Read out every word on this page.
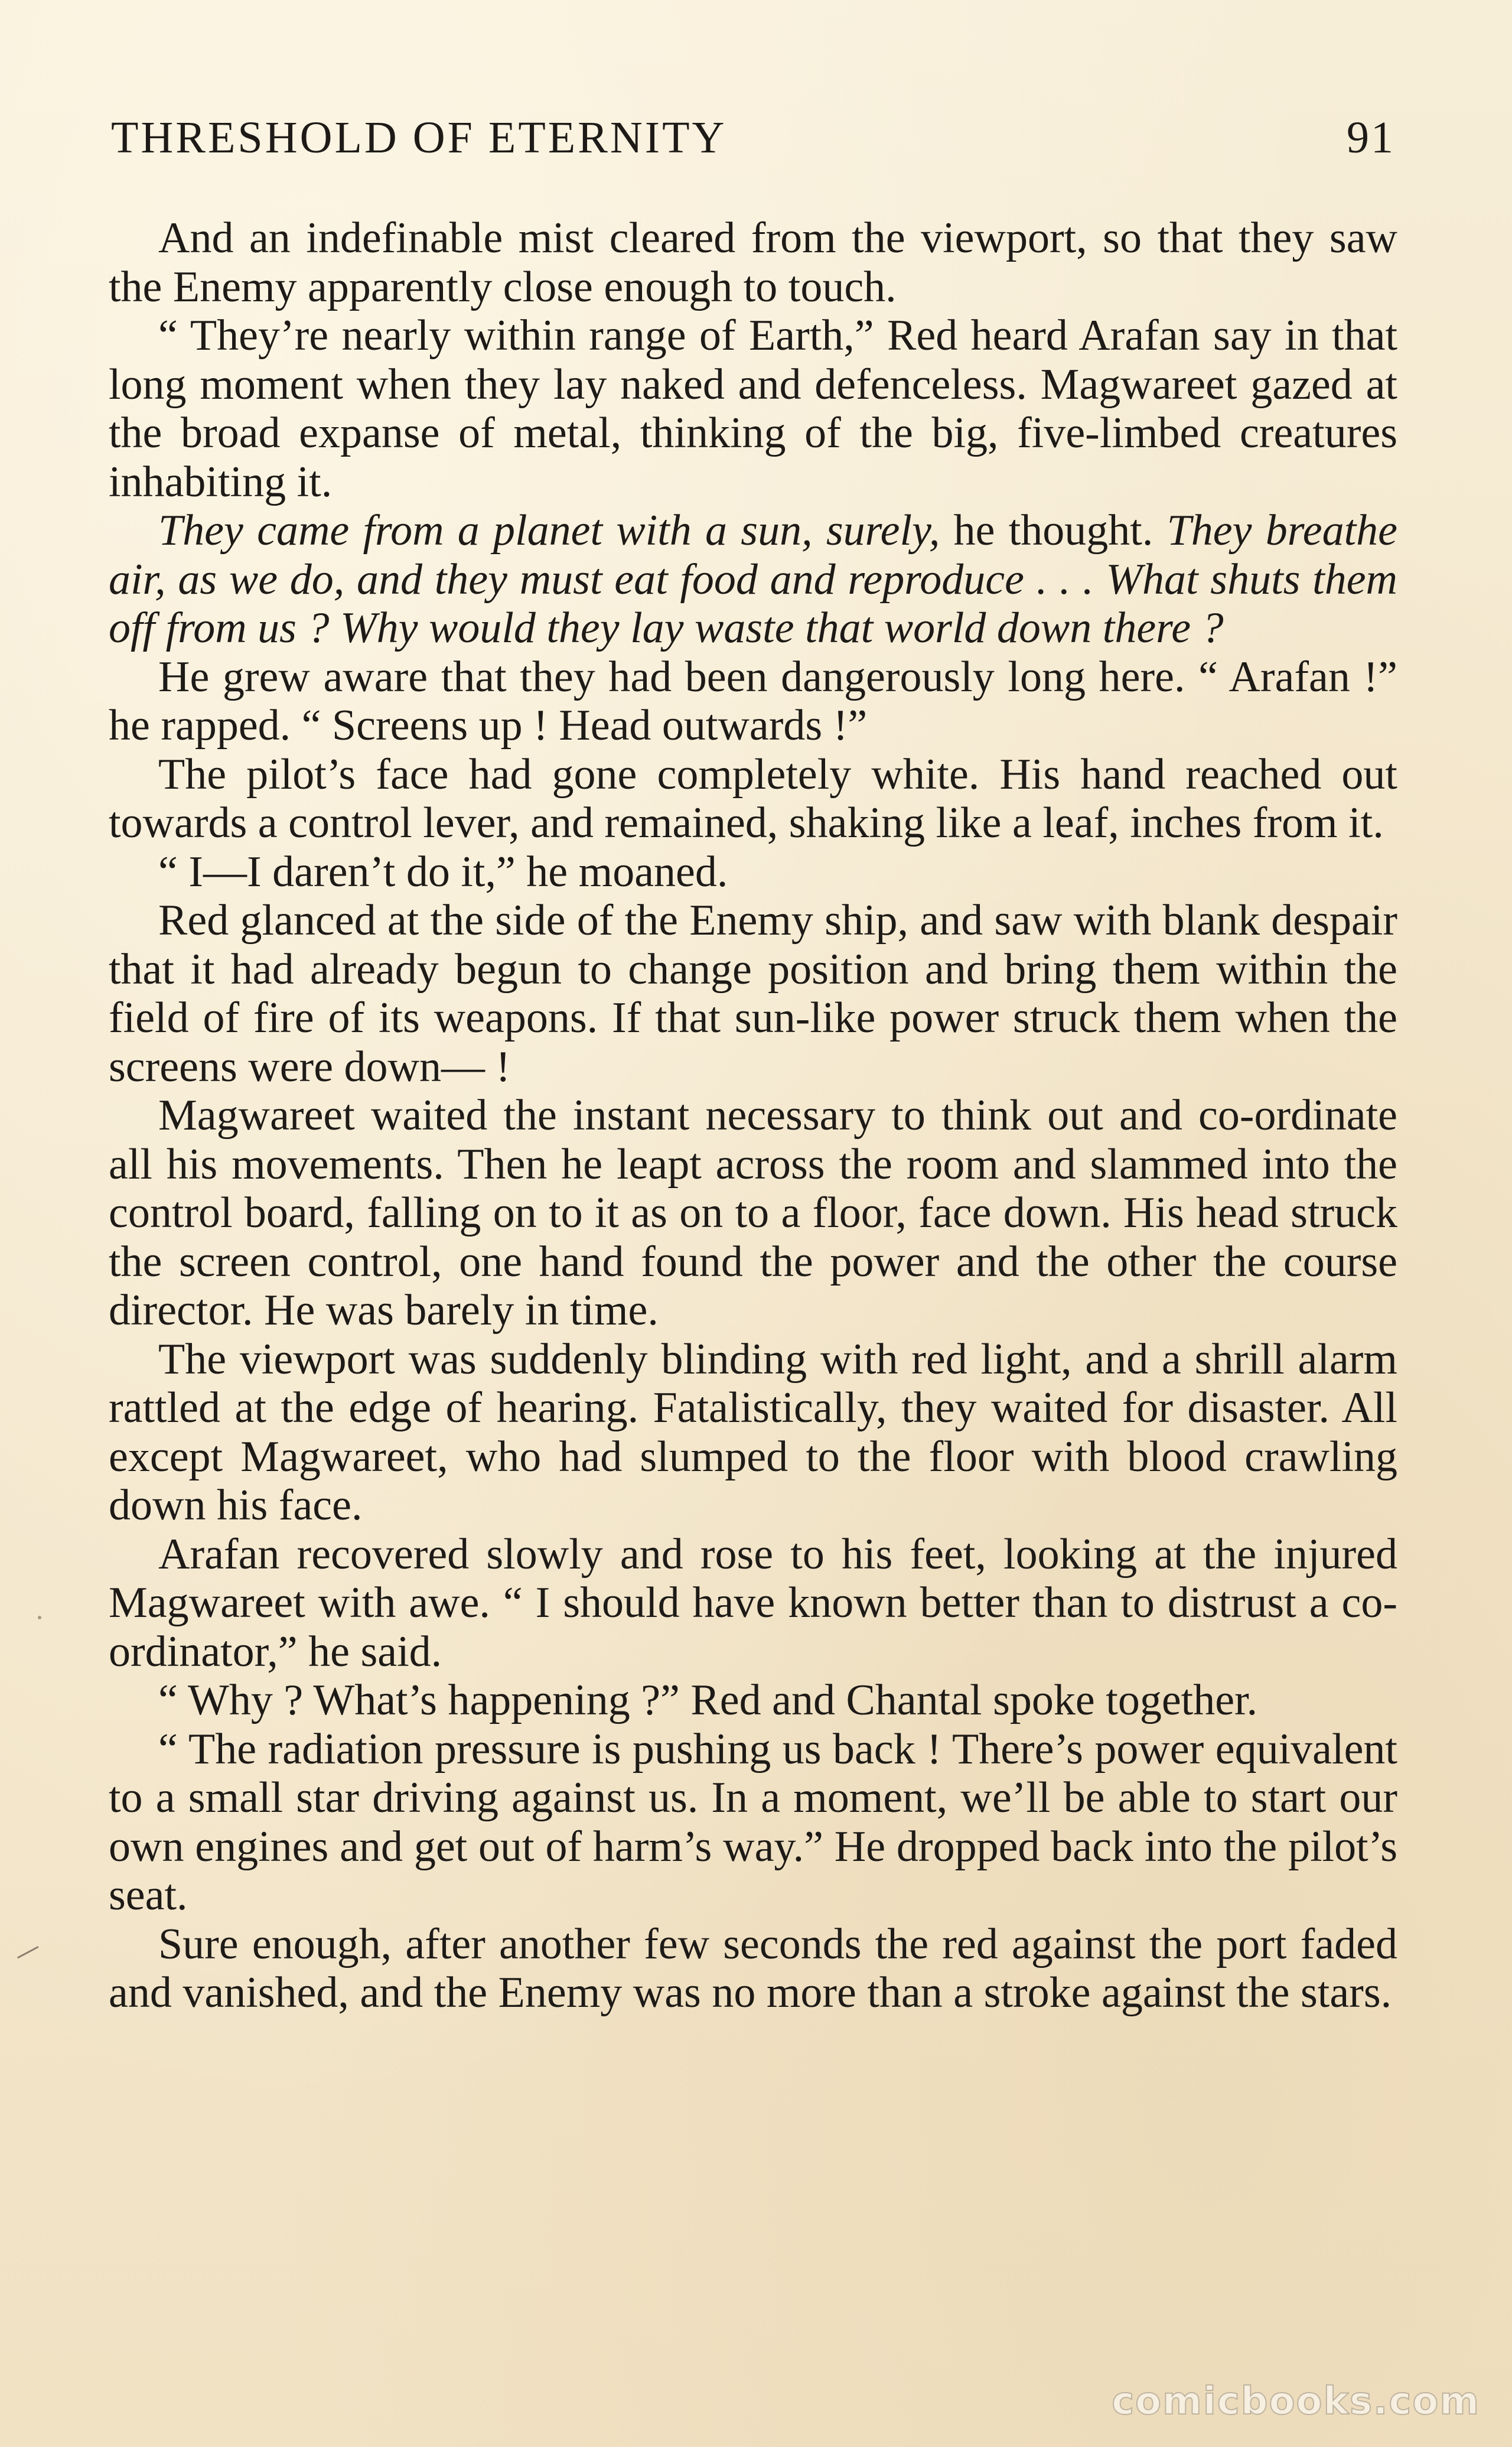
THRESHOLD OF ETERNITY	91

And an indefinable mist cleared from the viewport, so that they saw the Enemy apparently close enough to touch.

“ They’re nearly within range of Earth,” Red heard Arafan say in that long moment when they lay naked and defenceless. Magwareet gazed at the broad expanse of metal, thinking of the big, five-limbed creatures inhabiting it.

They came from a planet with a sun, surely, he thought. They breathe air, as we do, and they must eat food and reproduce . . . What shuts them off from us ? Why would they lay waste that world down there ?

He grew aware that they had been dangerously long here. “ Arafan !” he rapped. “ Screens up ! Head outwards !”

The pilot’s face had gone completely white. His hand reached out towards a control lever, and remained, shaking like a leaf, inches from it.

“ I—I daren’t do it,” he moaned.

Red glanced at the side of the Enemy ship, and saw with blank despair that it had already begun to change position and bring them within the field of fire of its weapons. If that sun-like power struck them when the screens were down— !

Magwareet waited the instant necessary to think out and co-ordinate all his movements. Then he leapt across the room and slammed into the control board, falling on to it as on to a floor, face down. His head struck the screen control, one hand found the power and the other the course director. He was barely in time.

The viewport was suddenly blinding with red light, and a shrill alarm rattled at the edge of hearing. Fatalistically, they waited for disaster. All except Magwareet, who had slumped to the floor with blood crawling down his face.

Arafan recovered slowly and rose to his feet, looking at the injured Magwareet with awe. “ I should have known better than to distrust a co-ordinator,” he said.

“ Why ? What’s happening ?” Red and Chantal spoke together.

“ The radiation pressure is pushing us back ! There’s power equivalent to a small star driving against us. In a moment, we’ll be able to start our own engines and get out of harm’s way.” He dropped back into the pilot’s seat.

Sure enough, after another few seconds the red against the port faded and vanished, and the Enemy was no more than a stroke against the stars.

comicbooks.com
